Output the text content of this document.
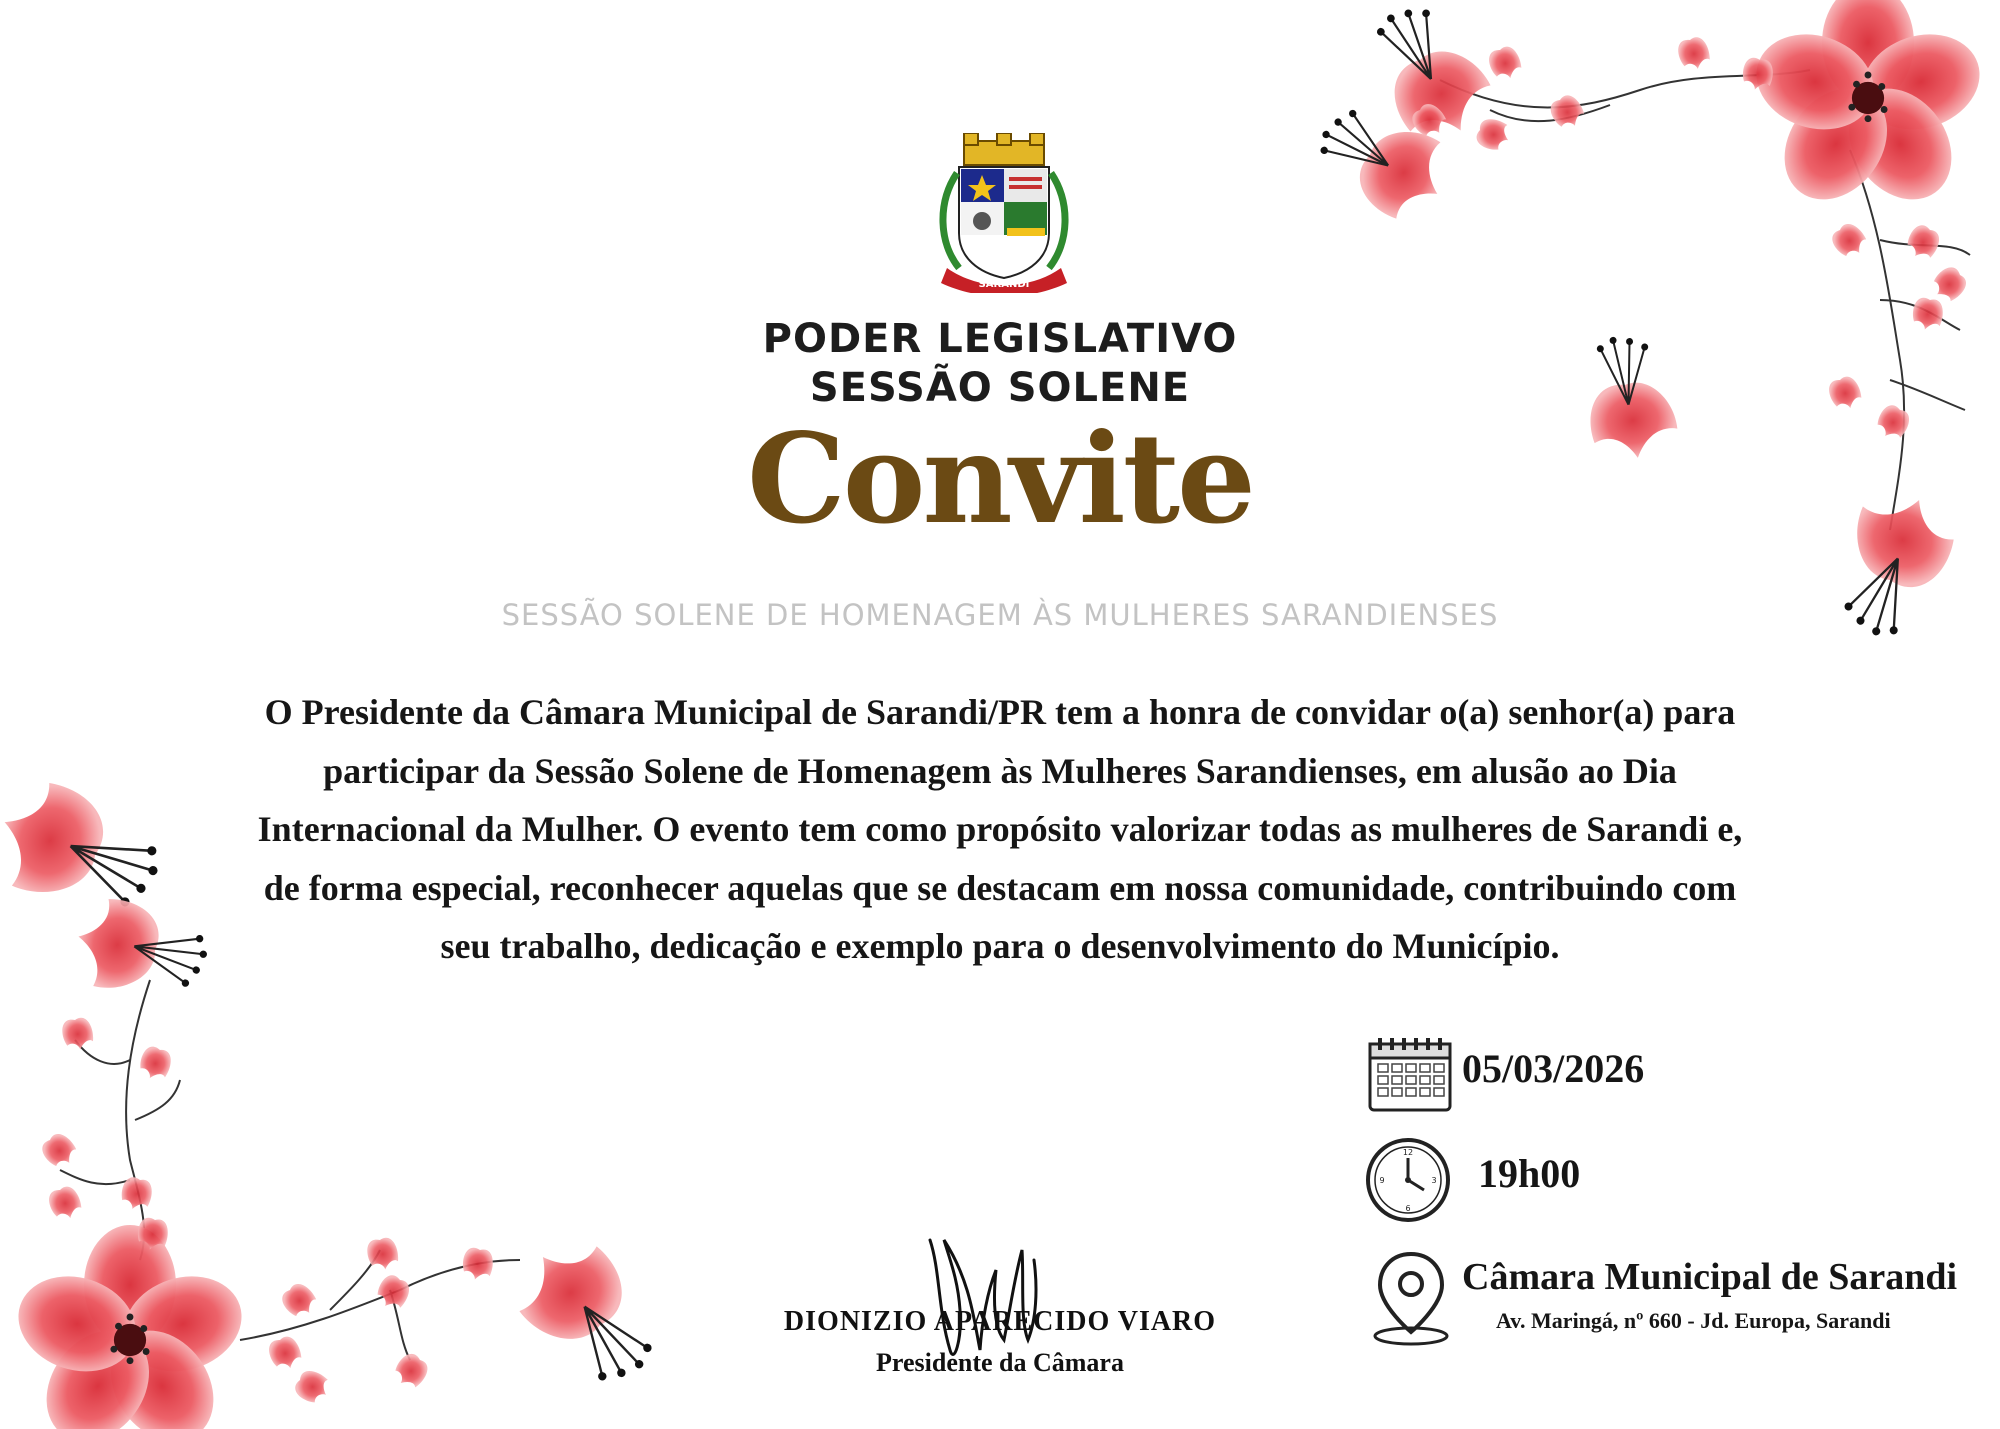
SARANDI
PODER LEGISLATIVO
SESSÃO SOLENE
Convite
SESSÃO SOLENE DE HOMENAGEM ÀS MULHERES SARANDIENSES
O Presidente da Câmara Municipal de Sarandi/PR tem a honra de convidar o(a) senhor(a) para
participar da Sessão Solene de Homenagem às Mulheres Sarandienses, em alusão ao Dia
Internacional da Mulher. O evento tem como propósito valorizar todas as mulheres de Sarandi e,
de forma especial, reconhecer aquelas que se destacam em nossa comunidade, contribuindo com
seu trabalho, dedicação e exemplo para o desenvolvimento do Município.
05/03/2026
12
3
6
9 19h00
Câmara Municipal de Sarandi
Av. Maringá, nº 660 - Jd. Europa, Sarandi
DIONIZIO APARECIDO VIARO
Presidente da Câmara
